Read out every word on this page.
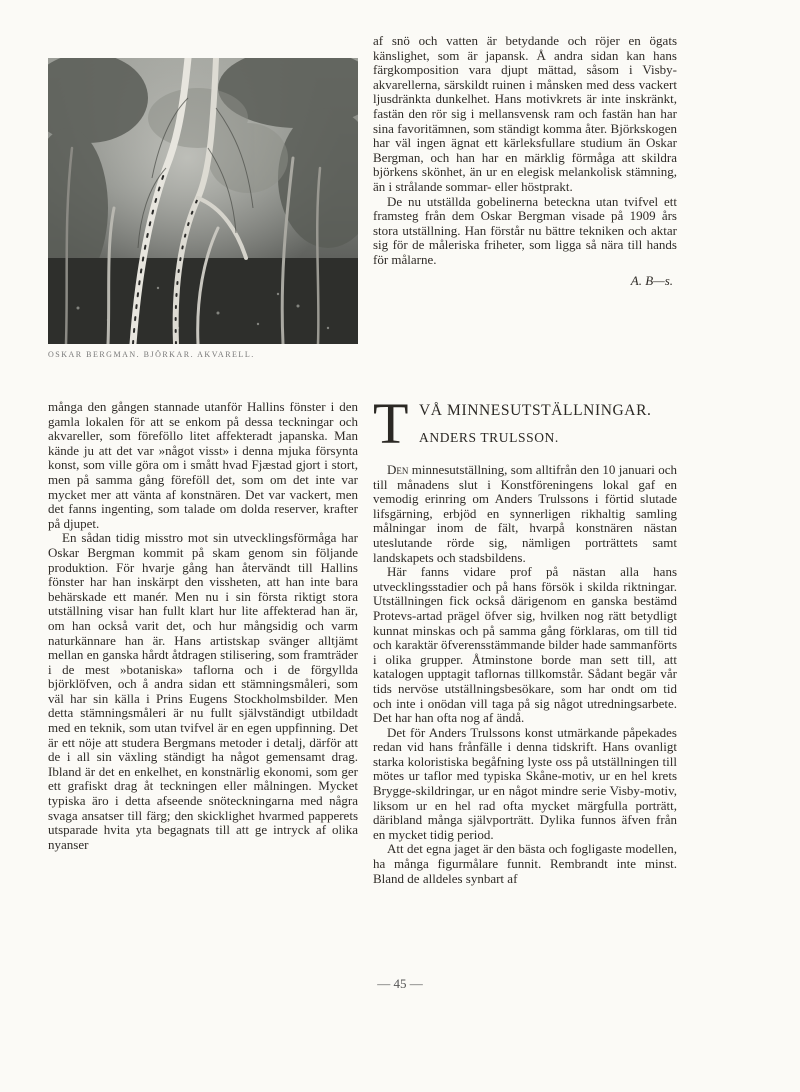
OSKAR BERGMAN. BJÖRKAR. AKVARELL.

af snö och vatten är betydande och röjer en ögats känslighet, som är japansk. Å andra sidan kan hans färgkomposition vara djupt mättad, såsom i Visby-akvarellerna, särskildt ruinen i månsken med dess vackert ljusdränkta dunkelhet. Hans motivkrets är inte inskränkt, fastän den rör sig i mellansvensk ram och fastän han har sina favoritämnen, som ständigt komma åter. Björkskogen har väl ingen ägnat ett kärleksfullare studium än Oskar Bergman, och han har en märklig förmåga att skildra björkens skönhet, än ur en elegisk melankolisk stämning, än i strålande sommar- eller höstprakt.

De nu utställda gobelinerna beteckna utan tvifvel ett framsteg från dem Oskar Bergman visade på 1909 års stora utställning. Han förstår nu bättre tekniken och aktar sig för de måleriska friheter, som ligga så nära till hands för målarne.

A. B—s.

många den gången stannade utanför Hallins fönster i den gamla lokalen för att se enkom på dessa teckningar och akvareller, som föreföllo litet affekteradt japanska. Man kände ju att det var »något visst» i denna mjuka försynta konst, som ville göra om i smått hvad Fjæstad gjort i stort, men på samma gång föreföll det, som om det inte var mycket mer att vänta af konstnären. Det var vackert, men det fanns ingenting, som talade om dolda reserver, krafter på djupet.

En sådan tidig misstro mot sin utvecklingsförmåga har Oskar Bergman kommit på skam genom sin följande produktion. För hvarje gång han återvändt till Hallins fönster har han inskärpt den vissheten, att han inte bara behärskade ett manér. Men nu i sin första riktigt stora utställning visar han fullt klart hur lite affekterad han är, om han också varit det, och hur mångsidig och varm naturkännare han är. Hans artistskap svänger alltjämt mellan en ganska hårdt åtdragen stilisering, som framträder i de mest »botaniska» taflorna och i de förgyllda björklöfven, och å andra sidan ett stämningsmåleri, som väl har sin källa i Prins Eugens Stockholmsbilder. Men detta stämningsmåleri är nu fullt självständigt utbildadt med en teknik, som utan tvifvel är en egen uppfinning. Det är ett nöje att studera Bergmans metoder i detalj, därför att de i all sin växling ständigt ha något gemensamt drag. Ibland är det en enkelhet, en konstnärlig ekonomi, som ger ett grafiskt drag åt teckningen eller målningen. Mycket typiska äro i detta afseende snöteckningarna med några svaga ansatser till färg; den skicklighet hvarmed papperets utsparade hvita yta begagnats till att ge intryck af olika nyanser

T VÅ MINNESUTSTÄLLNINGAR.
ANDERS TRULSSON.

Den minnesutställning, som alltifrån den 10 januari och till månadens slut i Konstföreningens lokal gaf en vemodig erinring om Anders Trulssons i förtid slutade lifsgärning, erbjöd en synnerligen rikhaltig samling målningar inom de fält, hvarpå konstnären nästan uteslutande rörde sig, nämligen porträttets samt landskapets och stadsbildens.

Här fanns vidare prof på nästan alla hans utvecklingsstadier och på hans försök i skilda riktningar. Utställningen fick också därigenom en ganska bestämd Protevs-artad prägel öfver sig, hvilken nog rätt betydligt kunnat minskas och på samma gång förklaras, om till tid och karaktär öfverensstämmande bilder hade sammanförts i olika grupper. Åtminstone borde man sett till, att katalogen upptagit taflornas tillkomstår. Sådant begär vår tids nervöse utställningsbesökare, som har ondt om tid och inte i onödan vill taga på sig något utredningsarbete. Det har han ofta nog af ändå.

Det för Anders Trulssons konst utmärkande påpekades redan vid hans frånfälle i denna tidskrift. Hans ovanligt starka koloristiska begåfning lyste oss på utställningen till mötes ur taflor med typiska Skåne-motiv, ur en hel krets Brygge-skildringar, ur en något mindre serie Visby-motiv, liksom ur en hel rad ofta mycket märgfulla porträtt, däribland många självporträtt. Dylika funnos äfven från en mycket tidig period.

Att det egna jaget är den bästa och fogligaste modellen, ha många figurmålare funnit. Rembrandt inte minst. Bland de alldeles synbart af

— 45 —
